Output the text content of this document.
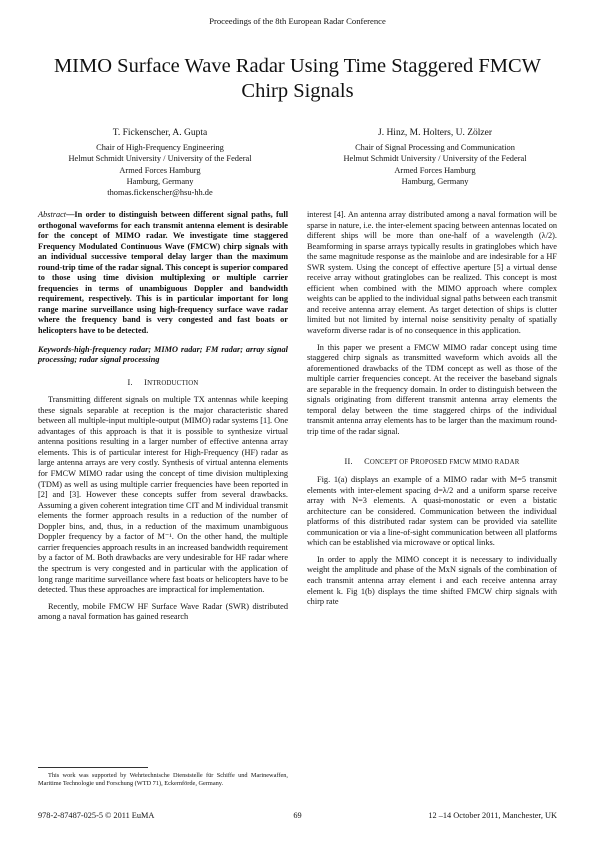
Proceedings of the 8th European Radar Conference
MIMO Surface Wave Radar Using Time Staggered FMCW Chirp Signals
T. Fickenscher, A. Gupta
Chair of High-Frequency Engineering
Helmut Schmidt University / University of the Federal
Armed Forces Hamburg
Hamburg, Germany
thomas.fickenscher@hsu-hh.de
J. Hinz, M. Holters, U. Zölzer
Chair of Signal Processing and Communication
Helmut Schmidt University / University of the Federal
Armed Forces Hamburg
Hamburg, Germany

Abstract—In order to distinguish between different signal paths, full orthogonal waveforms for each transmit antenna element is desirable for the concept of MIMO radar. We investigate time staggered Frequency Modulated Continuous Wave (FMCW) chirp signals with an individual successive temporal delay larger than the maximum round-trip time of the radar signal. This concept is superior compared to those using time division multiplexing or multiple carrier frequencies in terms of unambiguous Doppler and bandwidth requirement, respectively. This is in particular important for long range marine surveillance using high-frequency surface wave radar where the frequency band is very congested and fast boats or helicopters have to be detected.

Keywords-high-frequency radar; MIMO radar; FM radar; array signal processing; radar signal processing

I. INTRODUCTION

Transmitting different signals on multiple TX antennas while keeping these signals separable at reception is the major characteristic shared between all multiple-input multiple-output (MIMO) radar systems [1]. One advantages of this approach is that it is possible to synthesize virtual antenna positions resulting in a larger number of effective antenna array elements. This is of particular interest for High-Frequency (HF) radar as large antenna arrays are very costly. Synthesis of virtual antenna elements for FMCW MIMO radar using the concept of time division multiplexing (TDM) as well as using multiple carrier frequencies have been reported in [2] and [3]. However these concepts suffer from several drawbacks. Assuming a given coherent integration time CIT and M individual transmit elements the former approach results in a reduction of the number of Doppler bins, and, thus, in a reduction of the maximum unambiguous Doppler frequency by a factor of M⁻¹. On the other hand, the multiple carrier frequencies approach results in an increased bandwidth requirement by a factor of M. Both drawbacks are very undesirable for HF radar where the spectrum is very congested and in particular with the application of long range maritime surveillance where fast boats or helicopters have to be detected. Thus these approaches are impractical for implementation.

Recently, mobile FMCW HF Surface Wave Radar (SWR) distributed among a naval formation has gained research

interest [4]. An antenna array distributed among a naval formation will be sparse in nature, i.e. the inter-element spacing between antennas located on different ships will be more than one-half of a wavelength (λ/2). Beamforming in sparse arrays typically results in gratinglobes which have the same magnitude response as the mainlobe and are indesirable for a HF SWR system. Using the concept of effective aperture [5] a virtual dense receive array without gratinglobes can be realized. This concept is most efficient when combined with the MIMO approach where complex weights can be applied to the individual signal paths between each transmit and receive antenna array element. As target detection of ships is clutter limited but not limited by internal noise sensitivity penalty of spatially waveform diverse radar is of no consequence in this application.

In this paper we present a FMCW MIMO radar concept using time staggered chirp signals as transmitted waveform which avoids all the aforementioned drawbacks of the TDM concept as well as those of the multiple carrier frequencies concept. At the receiver the baseband signals are separable in the frequency domain. In order to distinguish between the signals originating from different transmit antenna array elements the temporal delay between the time staggered chirps of the individual transmit antenna array elements has to be larger than the maximum round-trip time of the radar signal.

II. CONCEPT OF PROPOSED FMCW MIMO RADAR

Fig. 1(a) displays an example of a MIMO radar with M=5 transmit elements with inter-element spacing d=λ/2 and a uniform sparse receive array with N=3 elements. A quasi-monostatic or even a bistatic architecture can be considered. Communication between the individual platforms of this distributed radar system can be provided via satellite communication or via a line-of-sight communication between all platforms which can be established via microwave or optical links.

In order to apply the MIMO concept it is necessary to individually weight the amplitude and phase of the MxN signals of the combination of each transmit antenna array element i and each receive antenna array element k. Fig 1(b) displays the time shifted FMCW chirp signals with chirp rate

This work was supported by Wehrtechnische Dienststelle für Schiffe und Marinewaffen, Maritime Technologie und Forschung (WTD 71), Eckernförde, Germany.
978-2-87487-025-5 © 2011 EuMA	69	12 –14 October 2011, Manchester, UK
